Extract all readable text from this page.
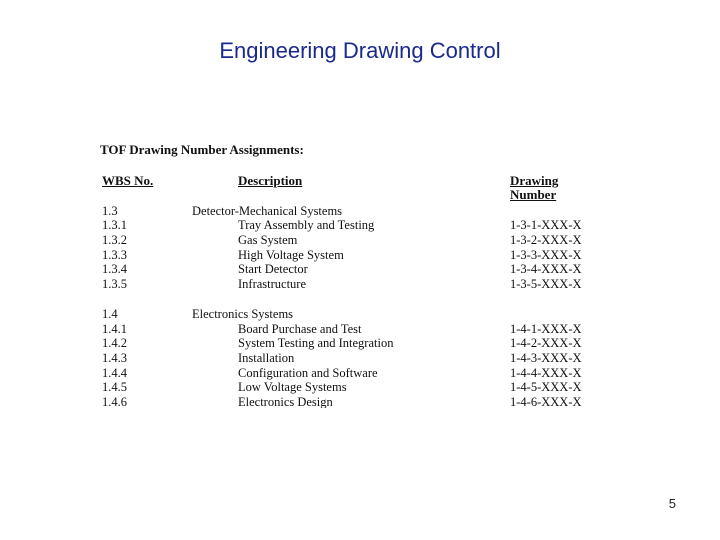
Engineering Drawing Control
TOF Drawing Number Assignments:
WBS No.	Description	Drawing Number
1.3	Detector-Mechanical Systems
1.3.1	Tray Assembly and Testing	1-3-1-XXX-X
1.3.2	Gas System	1-3-2-XXX-X
1.3.3	High Voltage System	1-3-3-XXX-X
1.3.4	Start Detector	1-3-4-XXX-X
1.3.5	Infrastructure	1-3-5-XXX-X
1.4	Electronics Systems
1.4.1	Board Purchase and Test	1-4-1-XXX-X
1.4.2	System Testing and Integration	1-4-2-XXX-X
1.4.3	Installation	1-4-3-XXX-X
1.4.4	Configuration and Software	1-4-4-XXX-X
1.4.5	Low Voltage Systems	1-4-5-XXX-X
1.4.6	Electronics Design	1-4-6-XXX-X
5
